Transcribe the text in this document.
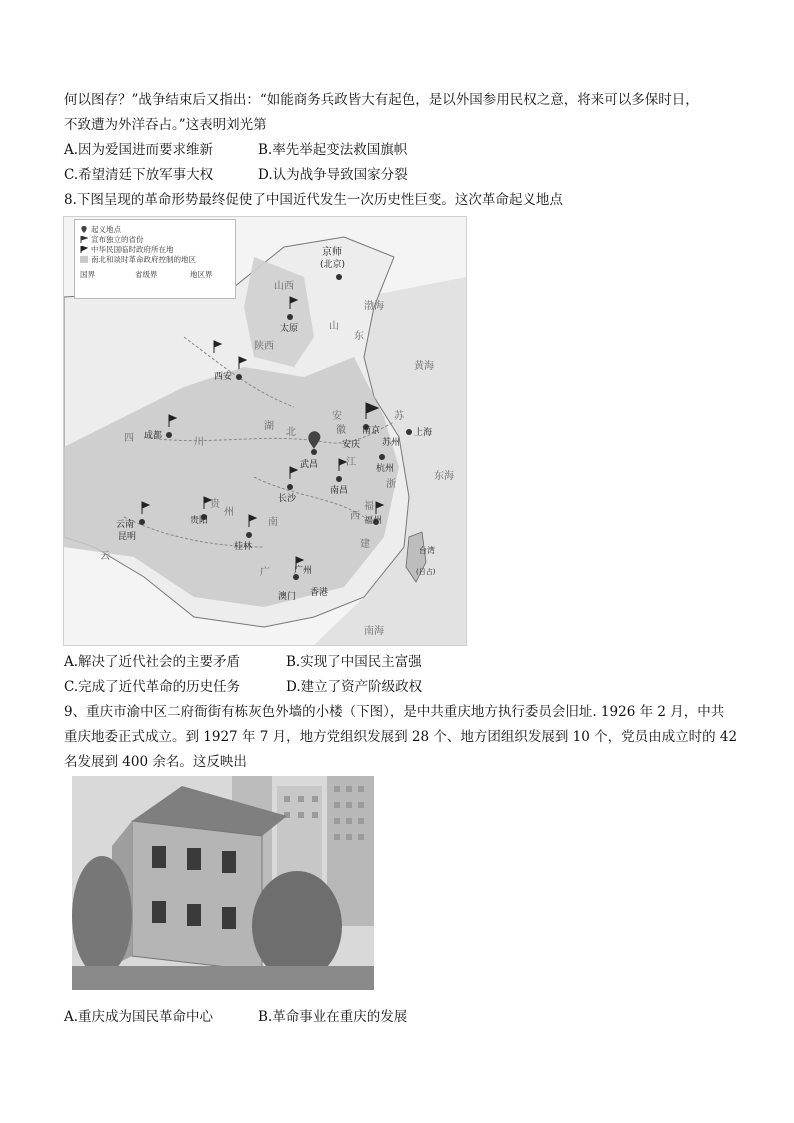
何以图存？”战争结束后又指出：“如能商务兵政皆大有起色，是以外国参用民权之意，将来可以多保时日，
不致遭为外洋吞占。”这表明刘光第
A.因为爱国进而要求维新	B.率先举起变法救国旗帜
C.希望清廷下放军事大权	D.认为战争导致国家分裂
8.下图呈现的革命形势最终促使了中国近代发生一次历史性巨变。这次革命起义地点
起义地点
宣布独立的省份
中华民国临时政府所在地
南北和谈时革命政府控制的地区
国界	省级界	地区界
京师
(北京)
太原
西安
成都	南京
武昌
安庆 苏州
上海
杭州
南昌
长沙
福州
贵阳
桂林
云南
昆明
广州
香港
澳门
台湾
(日占)
渤海
黄海
东海
南海
山西
山
东
陕西
四	川
湖
北
南
江
西
安
徽
苏
浙
福
建
贵
州
广
云
A.解决了近代社会的主要矛盾	B.实现了中国民主富强
C.完成了近代革命的历史任务	D.建立了资产阶级政权
9、重庆市渝中区二府衙街有栋灰色外墙的小楼（下图），是中共重庆地方执行委员会旧址. 1926 年 2 月，中共
重庆地委正式成立。到 1927 年 7 月，地方党组织发展到 28 个、地方团组织发展到 10 个，党员由成立时的 42
名发展到 400 余名。这反映出
A.重庆成为国民革命中心	B.革命事业在重庆的发展
